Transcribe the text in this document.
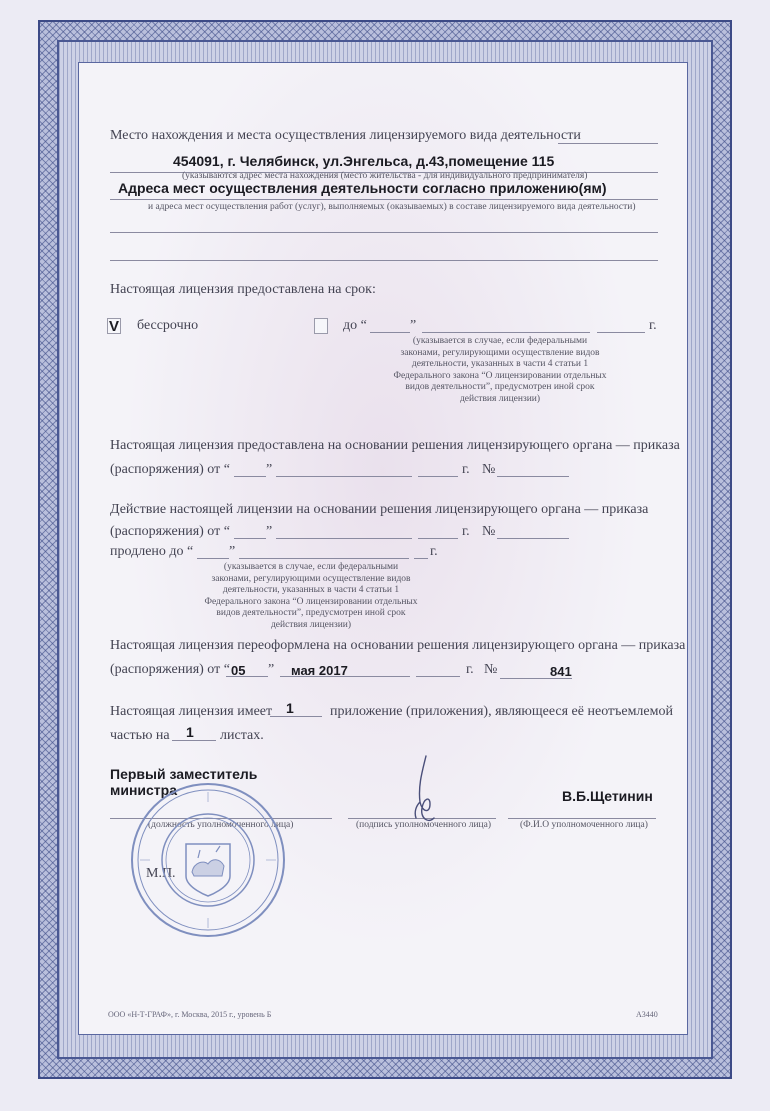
Место нахождения и места осуществления лицензируемого вида деятельности
454091, г. Челябинск, ул.Энгельса, д.43,помещение 115
(указываются адрес места нахождения (место жительства - для индивидуального предпринимателя)
Адреса мест осуществления деятельности согласно приложению(ям)
и адреса мест осуществления работ (услуг), выполняемых (оказываемых) в составе лицензируемого вида деятельности)
Настоящая лицензия предоставлена на срок:
V бессрочно	до “	”	г.
(указывается в случае, если федеральными
законами, регулирующими осуществление видов
деятельности, указанных в части 4 статьи 1
Федерального закона “О лицензировании отдельных
видов деятельности”, предусмотрен иной срок
действия лицензии)
Настоящая лицензия предоставлена на основании решения лицензирующего органа — приказа
(распоряжения) от “	”	г. №
Действие настоящей лицензии на основании решения лицензирующего органа — приказа
(распоряжения) от “	”	г. №
продлено до “	”	г.
(указывается в случае, если федеральными
законами, регулирующими осуществление видов
деятельности, указанных в части 4 статьи 1
Федерального закона “О лицензировании отдельных
видов деятельности”, предусмотрен иной срок
действия лицензии)
Настоящая лицензия переоформлена на основании решения лицензирующего органа — приказа
(распоряжения) от “ 05 ” мая 2017	г. №	841
Настоящая лицензия имеет 1	приложение (приложения), являющееся её неотъемлемой
частью на 1 листах.
Первый заместитель
министра	В.Б.Щетинин
(должность уполномоченного лица)	(подпись уполномоченного лица)	(Ф.И.О уполномоченного лица)
М.П.
ООО «Н-Т-ГРАФ», г. Москва, 2015 г., уровень Б	А3440
